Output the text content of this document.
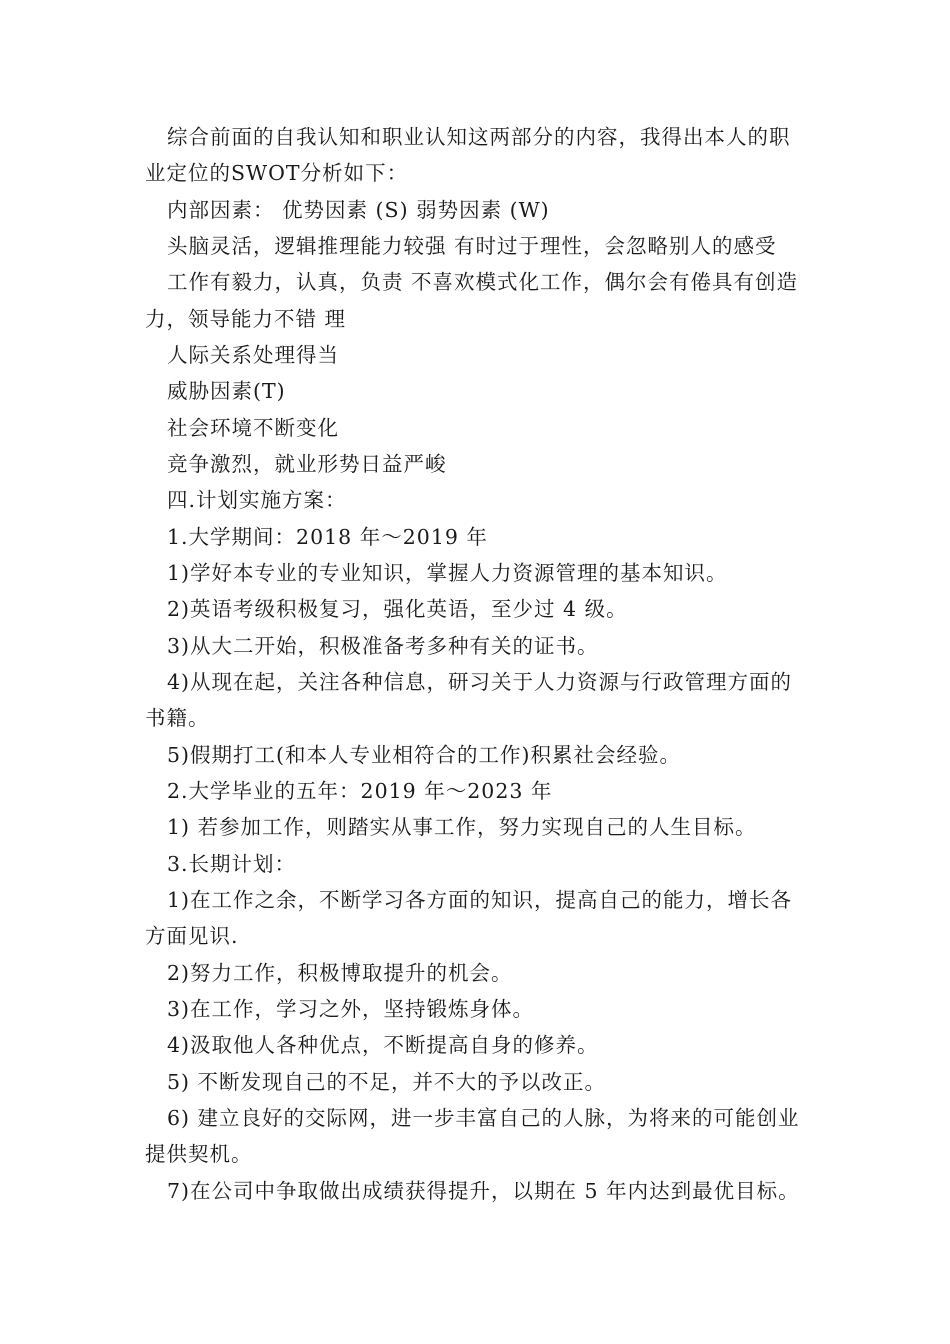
综合前面的自我认知和职业认知这两部分的内容，我得出本人的职
业定位的SWOT分析如下：
内部因素： 优势因素 (S) 弱势因素 (W)
头脑灵活，逻辑推理能力较强 有时过于理性，会忽略别人的感受
工作有毅力，认真，负责 不喜欢模式化工作，偶尔会有倦具有创造
力，领导能力不错 理
人际关系处理得当
威胁因素(T)
社会环境不断变化
竞争激烈，就业形势日益严峻
四.计划实施方案：
1.大学期间：2018 年～2019 年
1)学好本专业的专业知识，掌握人力资源管理的基本知识。
2)英语考级积极复习，强化英语，至少过 4 级。
3)从大二开始，积极准备考多种有关的证书。
4)从现在起，关注各种信息，研习关于人力资源与行政管理方面的
书籍。
5)假期打工(和本人专业相符合的工作)积累社会经验。
2.大学毕业的五年：2019 年～2023 年
1) 若参加工作，则踏实从事工作，努力实现自己的人生目标。
3.长期计划：
1)在工作之余，不断学习各方面的知识，提高自己的能力，增长各
方面见识.
2)努力工作，积极博取提升的机会。
3)在工作，学习之外，坚持锻炼身体。
4)汲取他人各种优点，不断提高自身的修养。
5) 不断发现自己的不足，并不大的予以改正。
6) 建立良好的交际网，进一步丰富自己的人脉，为将来的可能创业
提供契机。
7)在公司中争取做出成绩获得提升，以期在 5 年内达到最优目标。
